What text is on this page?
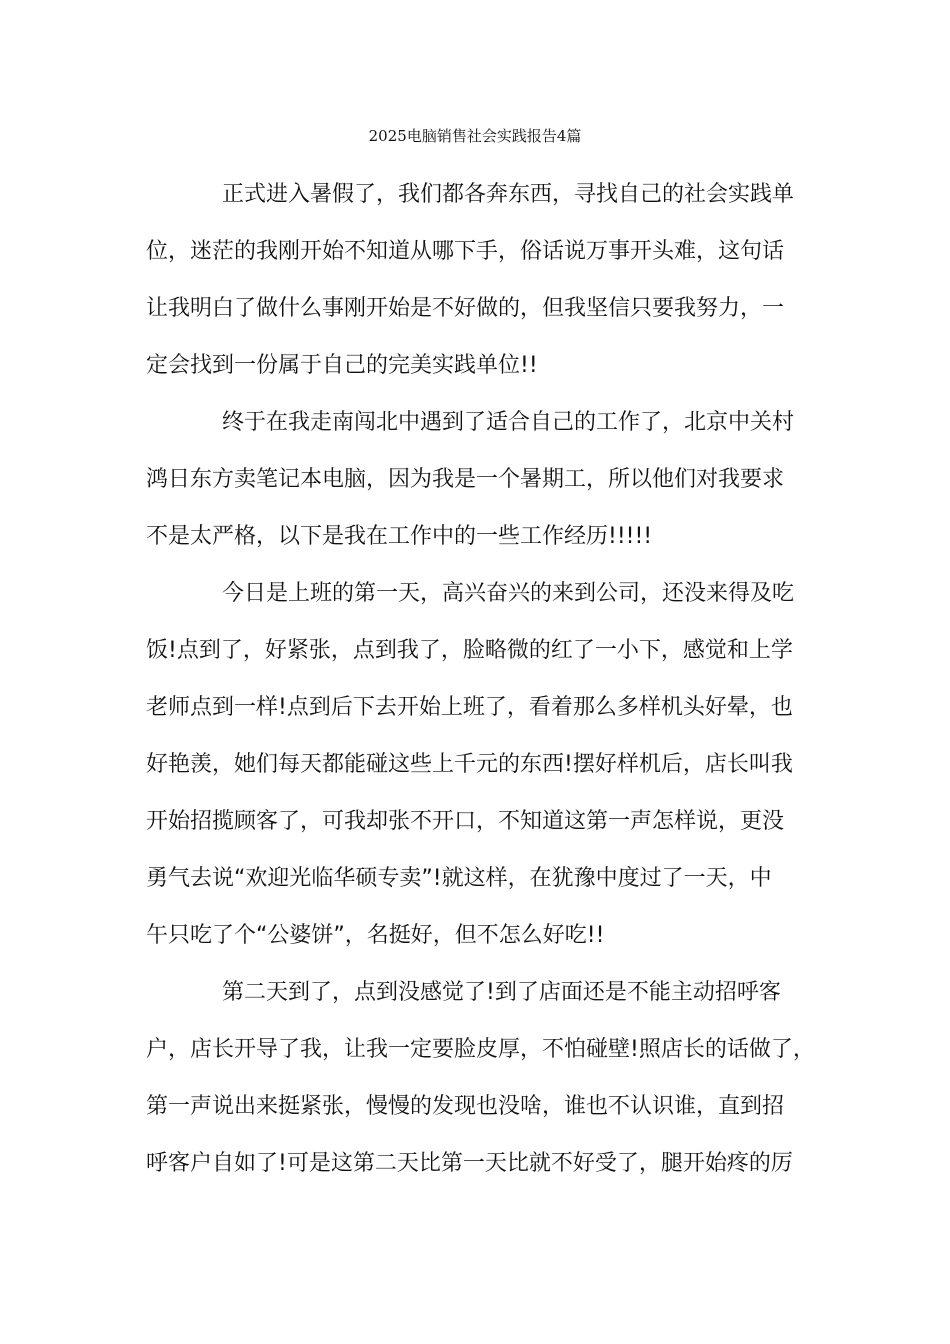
2025电脑销售社会实践报告4篇

正式进入暑假了，我们都各奔东西，寻找自己的社会实践单

位，迷茫的我刚开始不知道从哪下手，俗话说万事开头难，这句话

让我明白了做什么事刚开始是不好做的，但我坚信只要我努力，一

定会找到一份属于自己的完美实践单位!!

终于在我走南闯北中遇到了适合自己的工作了，北京中关村

鸿日东方卖笔记本电脑，因为我是一个暑期工，所以他们对我要求

不是太严格，以下是我在工作中的一些工作经历!!!!!

今日是上班的第一天，高兴奋兴的来到公司，还没来得及吃

饭!点到了，好紧张，点到我了，脸略微的红了一小下，感觉和上学

老师点到一样!点到后下去开始上班了，看着那么多样机头好晕，也

好艳羡，她们每天都能碰这些上千元的东西!摆好样机后，店长叫我

开始招揽顾客了，可我却张不开口，不知道这第一声怎样说，更没

勇气去说“欢迎光临华硕专卖”!就这样，在犹豫中度过了一天，中

午只吃了个“公婆饼”，名挺好，但不怎么好吃!!

第二天到了，点到没感觉了!到了店面还是不能主动招呼客

户，店长开导了我，让我一定要脸皮厚，不怕碰壁!照店长的话做了，

第一声说出来挺紧张，慢慢的发现也没啥，谁也不认识谁，直到招

呼客户自如了!可是这第二天比第一天比就不好受了，腿开始疼的厉
